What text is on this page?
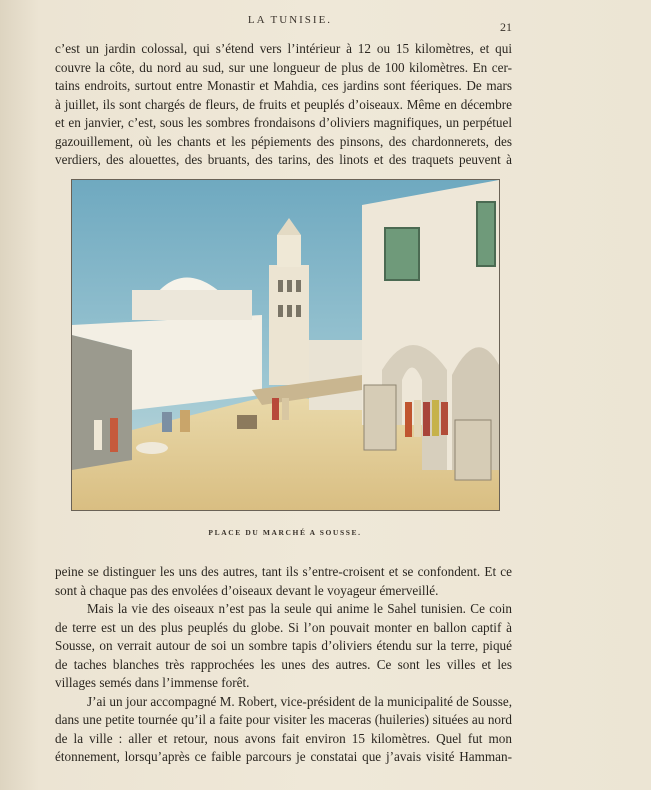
LA TUNISIE.	21
c’est un jardin colossal, qui s’étend vers l’intérieur à 12 ou 15 kilomètres, et qui
couvre la côte, du nord au sud, sur une longueur de plus de 100 kilomètres. En cer-
tains endroits, surtout entre Monastir et Mahdia, ces jardins sont féeriques. De mars
à juillet, ils sont chargés de fleurs, de fruits et peuplés d’oiseaux. Même en décembre
et en janvier, c’est, sous les sombres frondaisons d’oliviers magnifiques, un perpétuel
gazouillement, où les chants et les pépiements des pinsons, des chardonnerets, des
verdiers, des alouettes, des bruants, des tarins, des linots et des traquets peuvent à
PLACE DU MARCHÉ A SOUSSE.
peine se distinguer les uns des autres, tant ils s’entre-croisent et se confondent. Et ce
sont à chaque pas des envolées d’oiseaux devant le voyageur émerveillé.
Mais la vie des oiseaux n’est pas la seule qui anime le Sahel tunisien. Ce coin
de terre est un des plus peuplés du globe. Si l’on pouvait monter en ballon captif à
Sousse, on verrait autour de soi un sombre tapis d’oliviers étendu sur la terre, piqué
de taches blanches très rapprochées les unes des autres. Ce sont les villes et les
villages semés dans l’immense forêt.
J’ai un jour accompagné M. Robert, vice-président de la municipalité de Sousse,
dans une petite tournée qu’il a faite pour visiter les maceras (huileries) situées au nord
de la ville : aller et retour, nous avons fait environ 15 kilomètres. Quel fut mon
étonnement, lorsqu’après ce faible parcours je constatai que j’avais visité Hamman-
